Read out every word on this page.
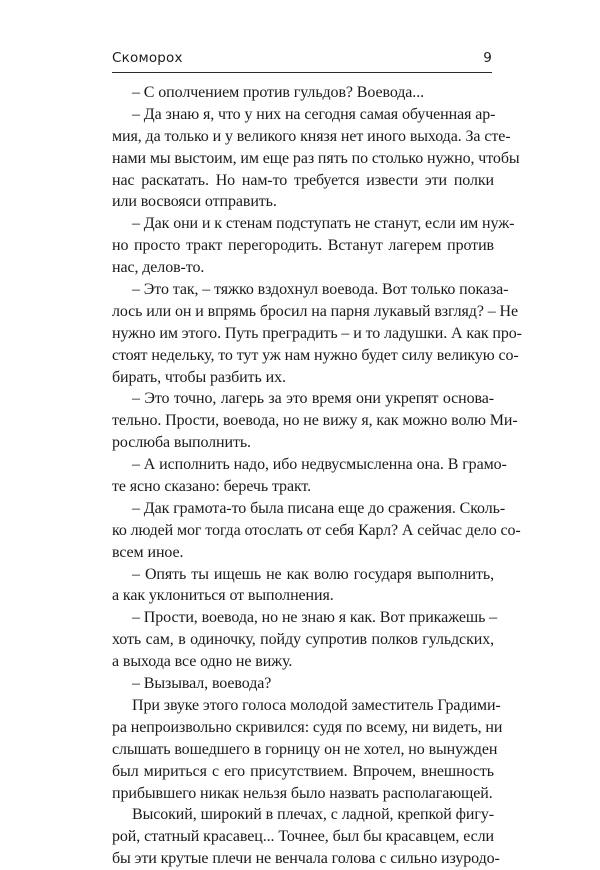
Скоморох	9
– С ополчением против гульдов? Воевода...
– Да знаю я, что у них на сегодня самая обученная ар-
мия, да только и у великого князя нет иного выхода. За сте-
нами мы выстоим, им еще раз пять по столько нужно, чтобы
нас раскатать. Но нам-то требуется извести эти полки
или восвояси отправить.
– Дак они и к стенам подступать не станут, если им нуж-
но просто тракт перегородить. Встанут лагерем против
нас, делов-то.
– Это так, – тяжко вздохнул воевода. Вот только показа-
лось или он и впрямь бросил на парня лукавый взгляд? – Не
нужно им этого. Путь преградить – и то ладушки. А как про-
стоят недельку, то тут уж нам нужно будет силу великую со-
бирать, чтобы разбить их.
– Это точно, лагерь за это время они укрепят основа-
тельно. Прости, воевода, но не вижу я, как можно волю Ми-
рослюба выполнить.
– А исполнить надо, ибо недвусмысленна она. В грамо-
те ясно сказано: беречь тракт.
– Дак грамота-то была писана еще до сражения. Сколь-
ко людей мог тогда отослать от себя Карл? А сейчас дело со-
всем иное.
– Опять ты ищешь не как волю государя выполнить,
а как уклониться от выполнения.
– Прости, воевода, но не знаю я как. Вот прикажешь –
хоть сам, в одиночку, пойду супротив полков гульдских,
а выхода все одно не вижу.
– Вызывал, воевода?
При звуке этого голоса молодой заместитель Градими-
ра непроизвольно скривился: судя по всему, ни видеть, ни
слышать вошедшего в горницу он не хотел, но вынужден
был мириться с его присутствием. Впрочем, внешность
прибывшего никак нельзя было назвать располагающей.
Высокий, широкий в плечах, с ладной, крепкой фигу-
рой, статный красавец... Точнее, был бы красавцем, если
бы эти крутые плечи не венчала голова с сильно изуродо-
